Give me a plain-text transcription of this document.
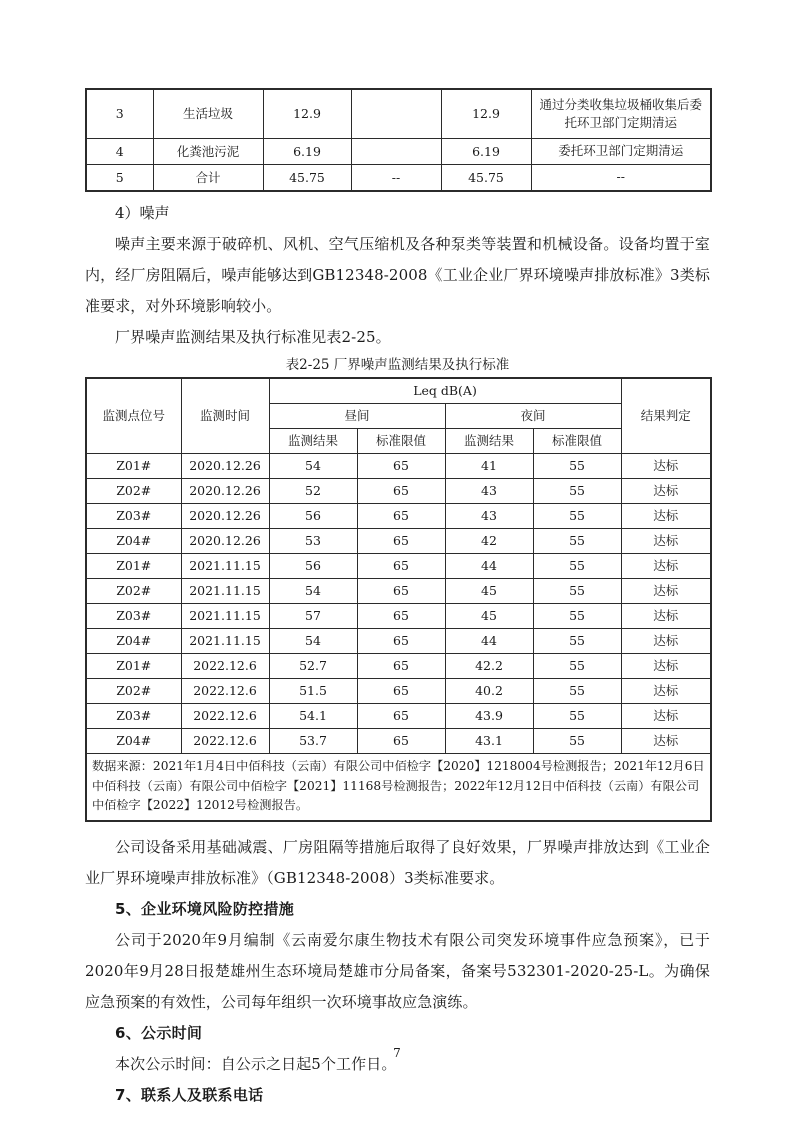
3	生活垃圾	12.9		12.9	通过分类收集垃圾桶收集后委托环卫部门定期清运
4	化粪池污泥	6.19		6.19	委托环卫部门定期清运
5	合计	45.75	--	45.75	--

4）噪声

噪声主要来源于破碎机、风机、空气压缩机及各种泵类等装置和机械设备。设备均置于室内，经厂房阻隔后，噪声能够达到GB12348-2008《工业企业厂界环境噪声排放标准》3类标准要求，对外环境影响较小。

厂界噪声监测结果及执行标准见表2-25。

表2-25 厂界噪声监测结果及执行标准

监测点位号	监测时间	Leq dB(A)				结果判定
		昼间		夜间		
		监测结果	标准限值	监测结果	标准限值	
Z01#	2020.12.26	54	65	41	55	达标
Z02#	2020.12.26	52	65	43	55	达标
Z03#	2020.12.26	56	65	43	55	达标
Z04#	2020.12.26	53	65	42	55	达标
Z01#	2021.11.15	56	65	44	55	达标
Z02#	2021.11.15	54	65	45	55	达标
Z03#	2021.11.15	57	65	45	55	达标
Z04#	2021.11.15	54	65	44	55	达标
Z01#	2022.12.6	52.7	65	42.2	55	达标
Z02#	2022.12.6	51.5	65	40.2	55	达标
Z03#	2022.12.6	54.1	65	43.9	55	达标
Z04#	2022.12.6	53.7	65	43.1	55	达标
数据来源：2021年1月4日中佰科技（云南）有限公司中佰检字【2020】1218004号检测报告；2021年12月6日中佰科技（云南）有限公司中佰检字【2021】11168号检测报告；2022年12月12日中佰科技（云南）有限公司中佰检字【2022】12012号检测报告。						

公司设备采用基础减震、厂房阻隔等措施后取得了良好效果，厂界噪声排放达到《工业企业厂界环境噪声排放标准》（GB12348-2008）3类标准要求。

5、企业环境风险防控措施

公司于2020年9月编制《云南爱尔康生物技术有限公司突发环境事件应急预案》，已于2020年9月28日报楚雄州生态环境局楚雄市分局备案，备案号532301-2020-25-L。为确保应急预案的有效性，公司每年组织一次环境事故应急演练。

6、公示时间

本次公示时间：自公示之日起5个工作日。

7、联系人及联系电话

7
